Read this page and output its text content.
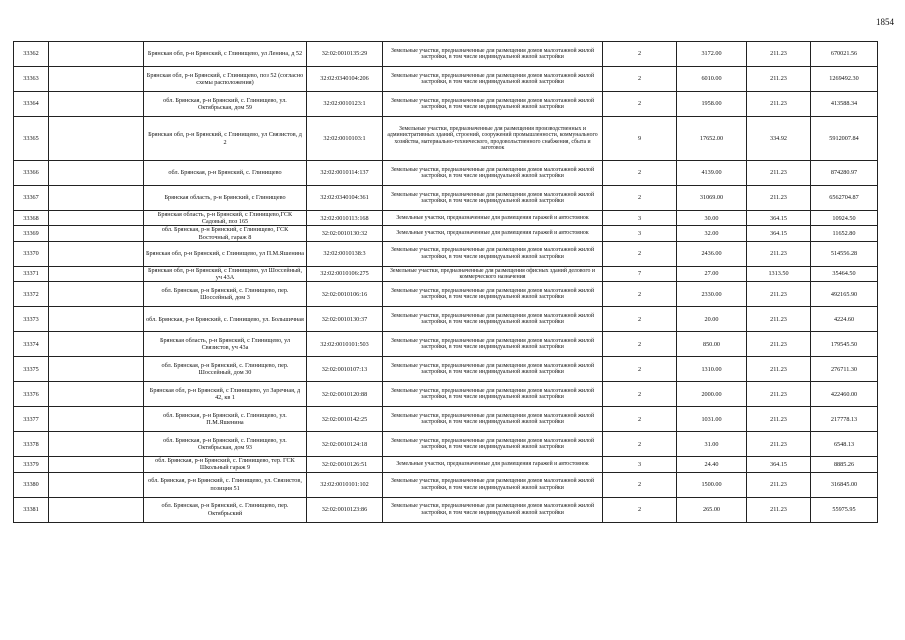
1854
33362		Брянская обл, р-н Брянский, с Глинищево, ул Ленина, д 52	32:02:0010135:29	Земельные участки, предназначенные для размещения домов малоэтажной жилой застройки, в том числе индивидуальной жилой застройки	2	3172.00	211.23	670021.56
33363		Брянская обл, р-н Брянский, с Глинищево, поз 52 (согласно схемы расположения)	32:02:0340104:206	Земельные участки, предназначенные для размещения домов малоэтажной жилой застройки, в том числе индивидуальной жилой застройки	2	6010.00	211.23	1269492.30
33364		обл. Брянская, р-н Брянский, с. Глинищево, ул. Октябрьская, дом 59	32:02:0010123:1	Земельные участки, предназначенные для размещения домов малоэтажной жилой застройки, в том числе индивидуальной жилой застройки	2	1958.00	211.23	413588.34
33365		Брянская обл, р-н Брянский, с Глинищево, ул Связистов, д 2	32:02:0010103:1	Земельные участки, предназначенные для размещения производственных и административных зданий, строений, сооружений промышленности, коммунального хозяйства, материально-технического, продовольственного снабжения, сбыта и заготовок	9	17652.00	334.92	5912007.84
33366		обл. Брянская, р-н Брянский, с. Глинищево	32:02:0010114:137	Земельные участки, предназначенные для размещения домов малоэтажной жилой застройки, в том числе индивидуальной жилой застройки	2	4139.00	211.23	874280.97
33367		Брянская область, р-н Брянский, с Глинищево	32:02:0340104:361	Земельные участки, предназначенные для размещения домов малоэтажной жилой застройки, в том числе индивидуальной жилой застройки	2	31069.00	211.23	6562704.87
33368		Брянская область, р-н Брянский, с Глинищево,ГСК Садовый, поз 165	32:02:0010113:168	Земельные участки, предназначенные для размещения гаражей и автостоянок	3	30.00	364.15	10924.50
33369		обл. Брянская, р-н Брянский, с Глинищево, ГСК Восточный, гараж 8	32:02:0010130:32	Земельные участки, предназначенные для размещения гаражей и автостоянок	3	32.00	364.15	11652.80
33370		Брянская обл, р-н Брянский, с Глинищево, ул П.М.Яшенина	32:02:0010138:3	Земельные участки, предназначенные для размещения домов малоэтажной жилой застройки, в том числе индивидуальной жилой застройки	2	2436.00	211.23	514556.28
33371		Брянская обл, р-н Брянский, с Глинищево, ул Шоссейный, уч 43А	32:02:0010106:275	Земельные участки, предназначенные для размещения офисных зданий делового и коммерческого назначения	7	27.00	1313.50	35464.50
33372		обл. Брянская, р-н Брянский, с. Глинищево, пер. Шоссейный, дом 3	32:02:0010106:16	Земельные участки, предназначенные для размещения домов малоэтажной жилой застройки, в том числе индивидуальной жилой застройки	2	2330.00	211.23	492165.90
33373		обл. Брянская, р-н Брянский, с. Глинищево, ул. Большичная	32:02:0010130:37	Земельные участки, предназначенные для размещения домов малоэтажной жилой застройки, в том числе индивидуальной жилой застройки	2	20.00	211.23	4224.60
33374		Брянская область, р-н Брянский, с Глинищево, ул Связистов, уч 43а	32:02:0010101:503	Земельные участки, предназначенные для размещения домов малоэтажной жилой застройки, в том числе индивидуальной жилой застройки	2	850.00	211.23	179545.50
33375		обл. Брянская, р-н Брянский, с. Глинищево, пер. Шоссейный, дом 30	32:02:0010107:13	Земельные участки, предназначенные для размещения домов малоэтажной жилой застройки, в том числе индивидуальной жилой застройки	2	1310.00	211.23	276711.30
33376		Брянская обл, р-н Брянский, с Глинищево, ул Заречная, д 42, кв 1	32:02:0010120:88	Земельные участки, предназначенные для размещения домов малоэтажной жилой застройки, в том числе индивидуальной жилой застройки	2	2000.00	211.23	422460.00
33377		обл. Брянская, р-н Брянский, с. Глинищево, ул. П.М.Яшенина	32:02:0010142:25	Земельные участки, предназначенные для размещения домов малоэтажной жилой застройки, в том числе индивидуальной жилой застройки	2	1031.00	211.23	217778.13
33378		обл. Брянская, р-н Брянский, с. Глинищево, ул. Октябрьская, дом 93	32:02:0010124:18	Земельные участки, предназначенные для размещения домов малоэтажной жилой застройки, в том числе индивидуальной жилой застройки	2	31.00	211.23	6548.13
33379		обл. Брянская, р-н Брянский, с. Глинищево, тер. ГСК Школьный гараж 9	32:02:0010126:51	Земельные участки, предназначенные для размещения гаражей и автостоянок	3	24.40	364.15	8885.26
33380		обл. Брянская, р-н Брянский, с. Глинищево, ул. Связистов, позиция 51	32:02:0010101:102	Земельные участки, предназначенные для размещения домов малоэтажной жилой застройки, в том числе индивидуальной жилой застройки	2	1500.00	211.23	316845.00
33381		обл. Брянская, р-н Брянский, с. Глинищево, пер. Октябрьский	32:02:0010123:86	Земельные участки, предназначенные для размещения домов малоэтажной жилой застройки, в том числе индивидуальной жилой застройки	2	265.00	211.23	55975.95
